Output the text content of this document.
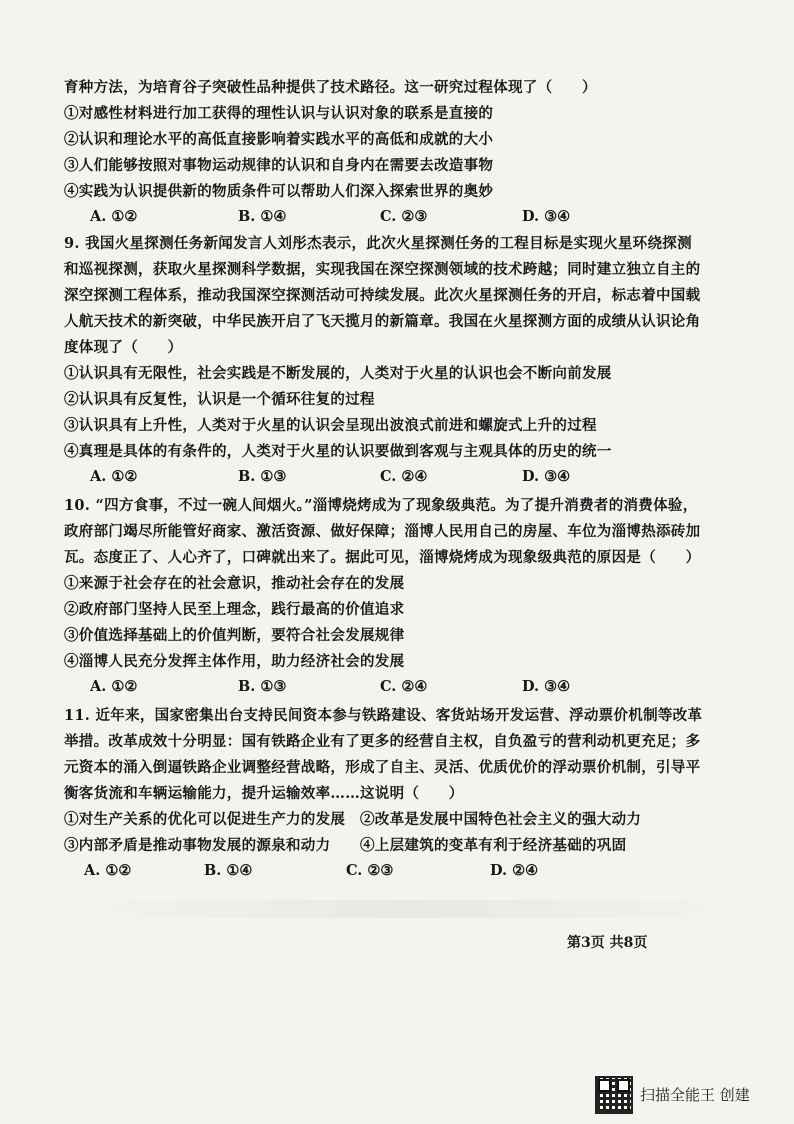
育种方法，为培育谷子突破性品种提供了技术路径。这一研究过程体现了（　　）
①对感性材料进行加工获得的理性认识与认识对象的联系是直接的
②认识和理论水平的高低直接影响着实践水平的高低和成就的大小
③人们能够按照对事物运动规律的认识和自身内在需要去改造事物
④实践为认识提供新的物质条件可以帮助人们深入探索世界的奥妙
A. ①②	B. ①④	C. ②③	D. ③④
9. 我国火星探测任务新闻发言人刘彤杰表示，此次火星探测任务的工程目标是实现火星环绕探测
和巡视探测，获取火星探测科学数据，实现我国在深空探测领域的技术跨越；同时建立独立自主的
深空探测工程体系，推动我国深空探测活动可持续发展。此次火星探测任务的开启，标志着中国载
人航天技术的新突破，中华民族开启了飞天揽月的新篇章。我国在火星探测方面的成绩从认识论角
度体现了（　　）
①认识具有无限性，社会实践是不断发展的，人类对于火星的认识也会不断向前发展
②认识具有反复性，认识是一个循环往复的过程
③认识具有上升性，人类对于火星的认识会呈现出波浪式前进和螺旋式上升的过程
④真理是具体的有条件的，人类对于火星的认识要做到客观与主观具体的历史的统一
A. ①②	B. ①③	C. ②④	D. ③④
10. “四方食事，不过一碗人间烟火。”淄博烧烤成为了现象级典范。为了提升消费者的消费体验，
政府部门竭尽所能管好商家、激活资源、做好保障；淄博人民用自己的房屋、车位为淄博热添砖加
瓦。态度正了、人心齐了，口碑就出来了。据此可见，淄博烧烤成为现象级典范的原因是（　　）
①来源于社会存在的社会意识，推动社会存在的发展
②政府部门坚持人民至上理念，践行最高的价值追求
③价值选择基础上的价值判断，要符合社会发展规律
④淄博人民充分发挥主体作用，助力经济社会的发展
A. ①②	B. ①③	C. ②④	D. ③④
11. 近年来，国家密集出台支持民间资本参与铁路建设、客货站场开发运营、浮动票价机制等改革
举措。改革成效十分明显：国有铁路企业有了更多的经营自主权，自负盈亏的营利动机更充足；多
元资本的涌入倒逼铁路企业调整经营战略，形成了自主、灵活、优质优价的浮动票价机制，引导平
衡客货流和车辆运输能力，提升运输效率……这说明（　　）
①对生产关系的优化可以促进生产力的发展　②改革是发展中国特色社会主义的强大动力
③内部矛盾是推动事物发展的源泉和动力　　④上层建筑的变革有利于经济基础的巩固
A. ①②	B. ①④	C. ②③	D. ②④
第3页 共8页
扫描全能王 创建
